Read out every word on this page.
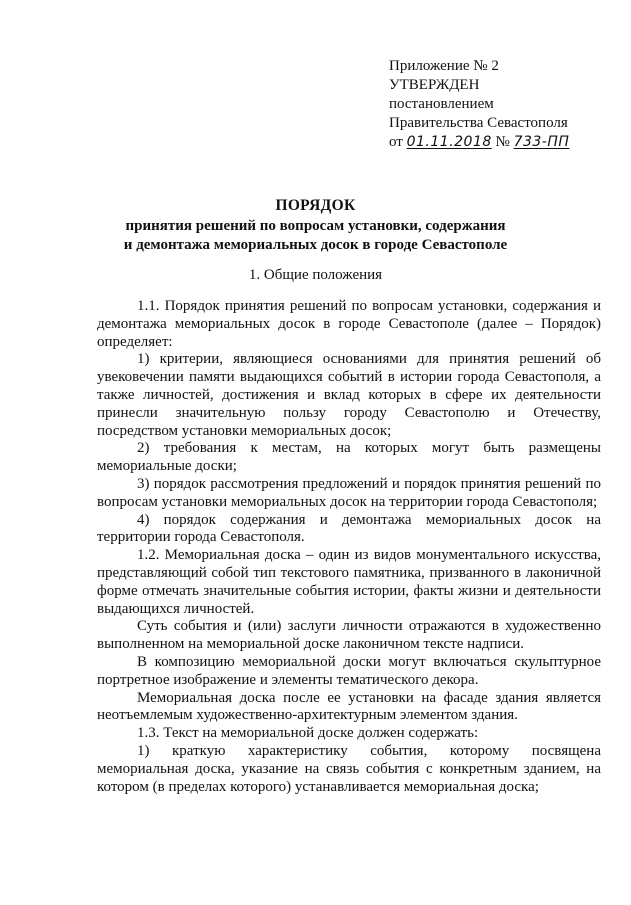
Приложение № 2
УТВЕРЖДЕН
постановлением
Правительства Севастополя
от 01.11.2018 № 733-ПП
ПОРЯДОК
принятия решений по вопросам установки, содержания
и демонтажа мемориальных досок в городе Севастополе
1. Общие положения

1.1. Порядок принятия решений по вопросам установки, содержания и демонтажа мемориальных досок в городе Севастополе (далее – Порядок) определяет:

1) критерии, являющиеся основаниями для принятия решений об увековечении памяти выдающихся событий в истории города Севастополя, а также личностей, достижения и вклад которых в сфере их деятельности принесли значительную пользу городу Севастополю и Отечеству, посредством установки мемориальных досок;

2) требования к местам, на которых могут быть размещены мемориальные доски;

3) порядок рассмотрения предложений и порядок принятия решений по вопросам установки мемориальных досок на территории города Севастополя;

4) порядок содержания и демонтажа мемориальных досок на территории города Севастополя.

1.2. Мемориальная доска – один из видов монументального искусства, представляющий собой тип текстового памятника, призванного в лаконичной форме отмечать значительные события истории, факты жизни и деятельности выдающихся личностей.

Суть события и (или) заслуги личности отражаются в художественно выполненном на мемориальной доске лаконичном тексте надписи.

В композицию мемориальной доски могут включаться скульптурное портретное изображение и элементы тематического декора.

Мемориальная доска после ее установки на фасаде здания является неотъемлемым художественно-архитектурным элементом здания.

1.3. Текст на мемориальной доске должен содержать:

1) краткую характеристику события, которому посвящена мемориальная доска, указание на связь события с конкретным зданием, на котором (в пределах которого) устанавливается мемориальная доска;
